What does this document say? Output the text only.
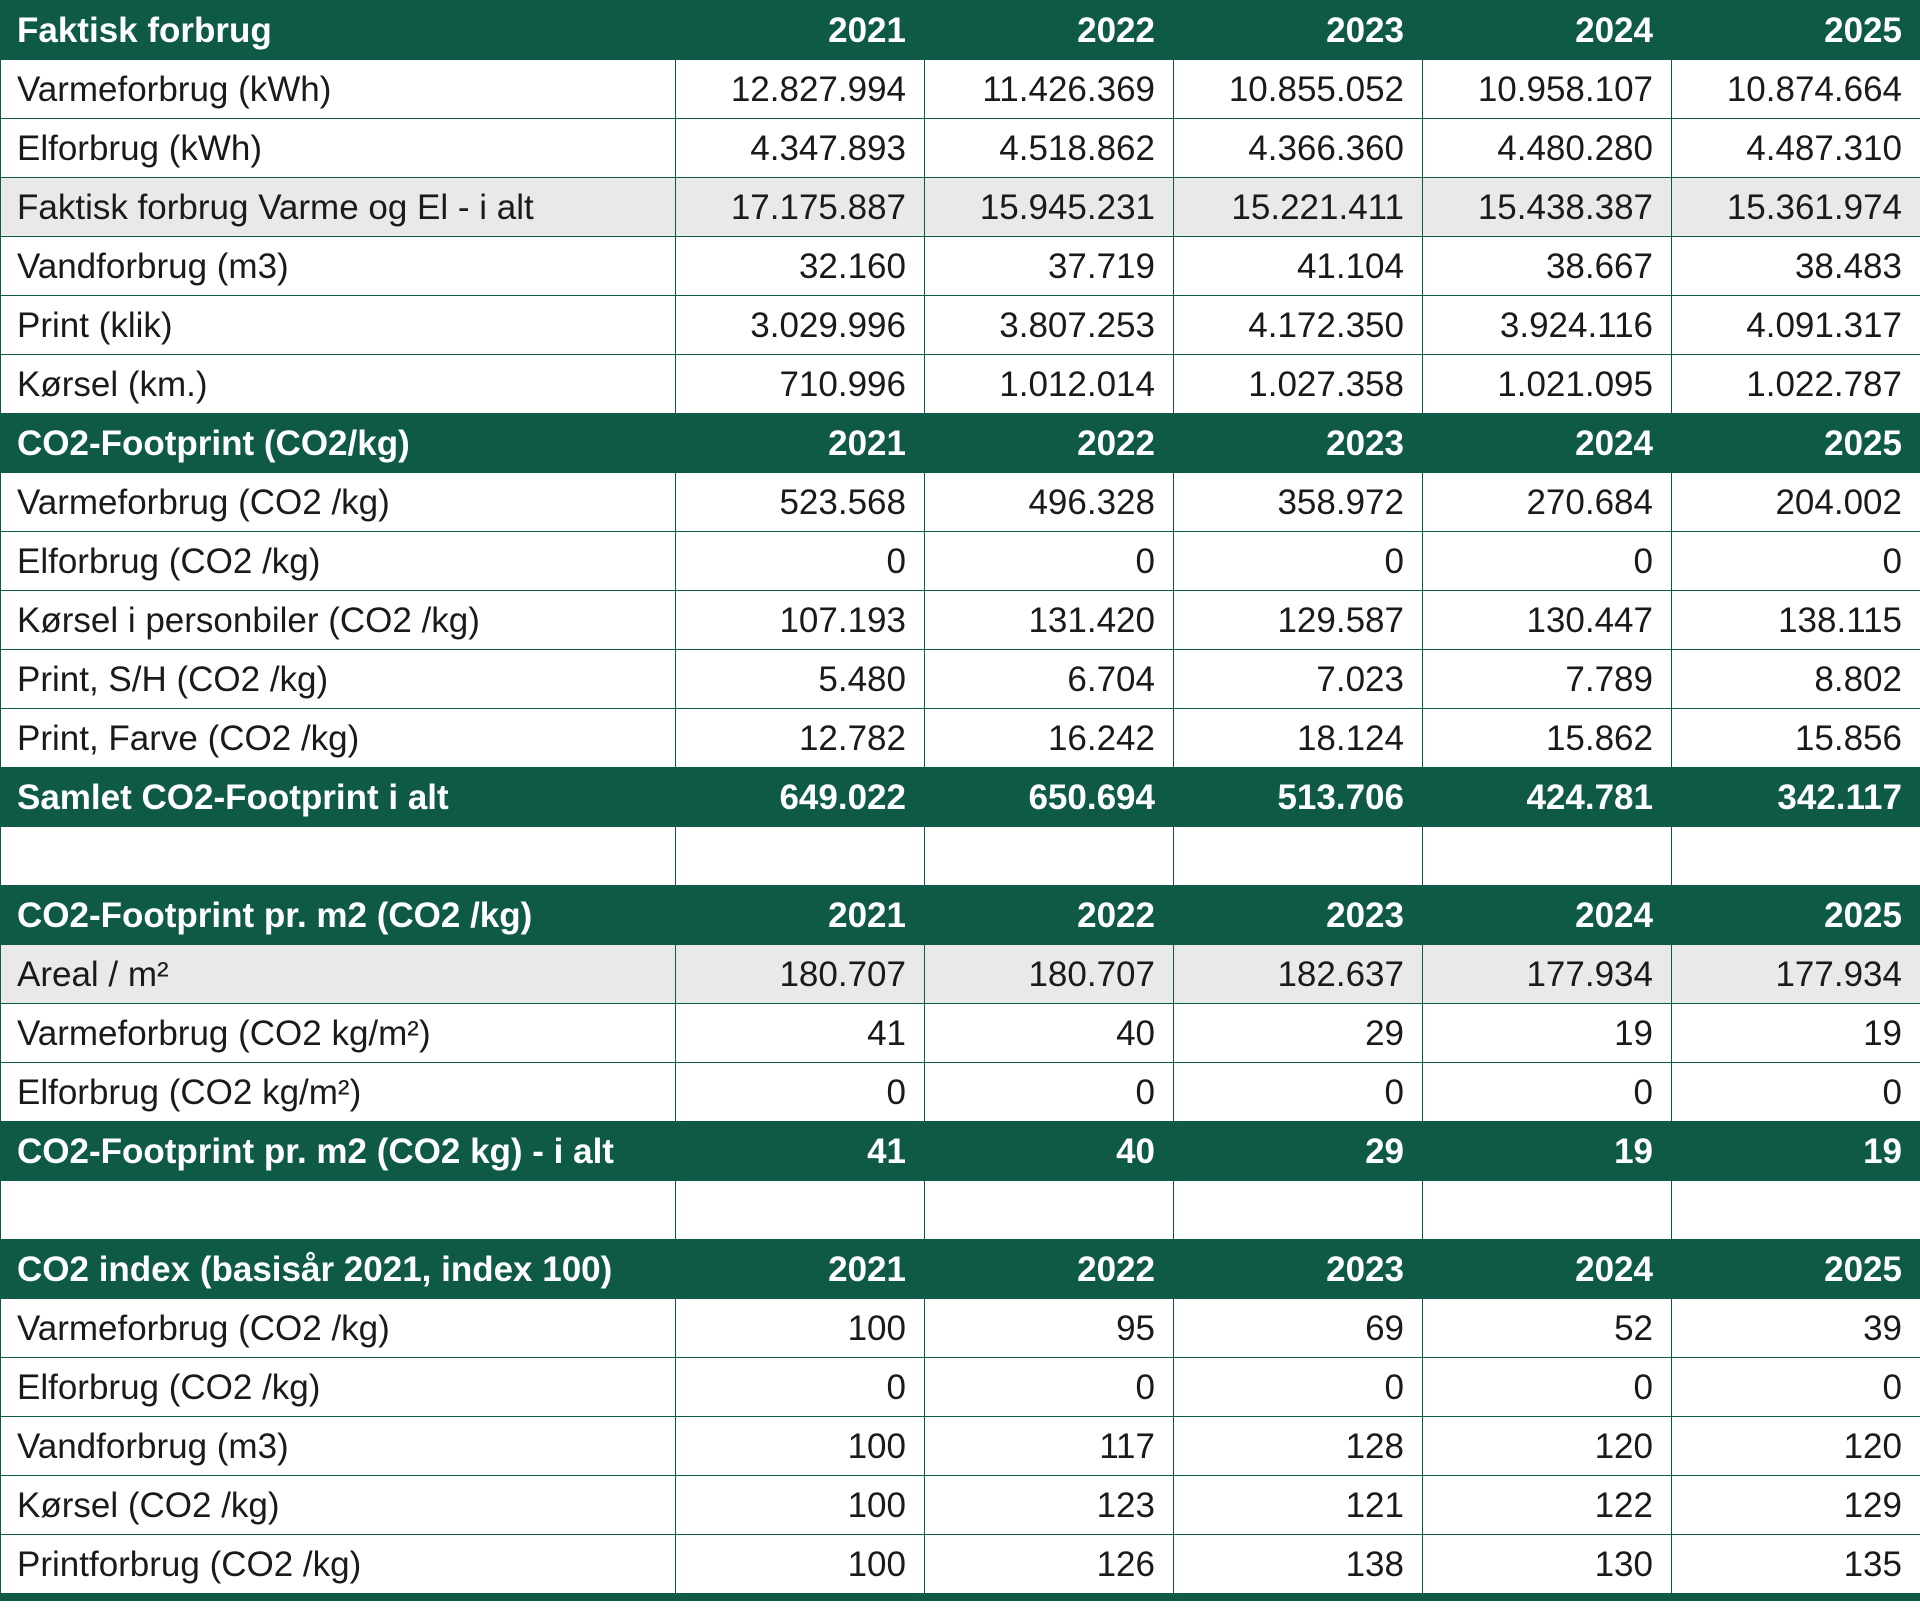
Faktisk forbrug	2021	2022	2023	2024	2025
Varmeforbrug (kWh)	12.827.994	11.426.369	10.855.052	10.958.107	10.874.664
Elforbrug (kWh)	4.347.893	4.518.862	4.366.360	4.480.280	4.487.310
Faktisk forbrug Varme og El - i alt	17.175.887	15.945.231	15.221.411	15.438.387	15.361.974
Vandforbrug (m3)	32.160	37.719	41.104	38.667	38.483
Print (klik)	3.029.996	3.807.253	4.172.350	3.924.116	4.091.317
Kørsel (km.)	710.996	1.012.014	1.027.358	1.021.095	1.022.787
CO2-Footprint (CO2/kg)	2021	2022	2023	2024	2025
Varmeforbrug (CO2 /kg)	523.568	496.328	358.972	270.684	204.002
Elforbrug (CO2 /kg)	0	0	0	0	0
Kørsel i personbiler (CO2 /kg)	107.193	131.420	129.587	130.447	138.115
Print, S/H (CO2 /kg)	5.480	6.704	7.023	7.789	8.802
Print, Farve (CO2 /kg)	12.782	16.242	18.124	15.862	15.856
Samlet CO2-Footprint i alt	649.022	650.694	513.706	424.781	342.117

CO2-Footprint pr. m2 (CO2 /kg)	2021	2022	2023	2024	2025
Areal / m²	180.707	180.707	182.637	177.934	177.934
Varmeforbrug (CO2 kg/m²)	41	40	29	19	19
Elforbrug (CO2 kg/m²)	0	0	0	0	0
CO2-Footprint pr. m2 (CO2 kg) - i alt	41	40	29	19	19

CO2 index (basisår 2021, index 100)	2021	2022	2023	2024	2025
Varmeforbrug (CO2 /kg)	100	95	69	52	39
Elforbrug (CO2 /kg)	0	0	0	0	0
Vandforbrug (m3)	100	117	128	120	120
Kørsel (CO2 /kg)	100	123	121	122	129
Printforbrug (CO2 /kg)	100	126	138	130	135
